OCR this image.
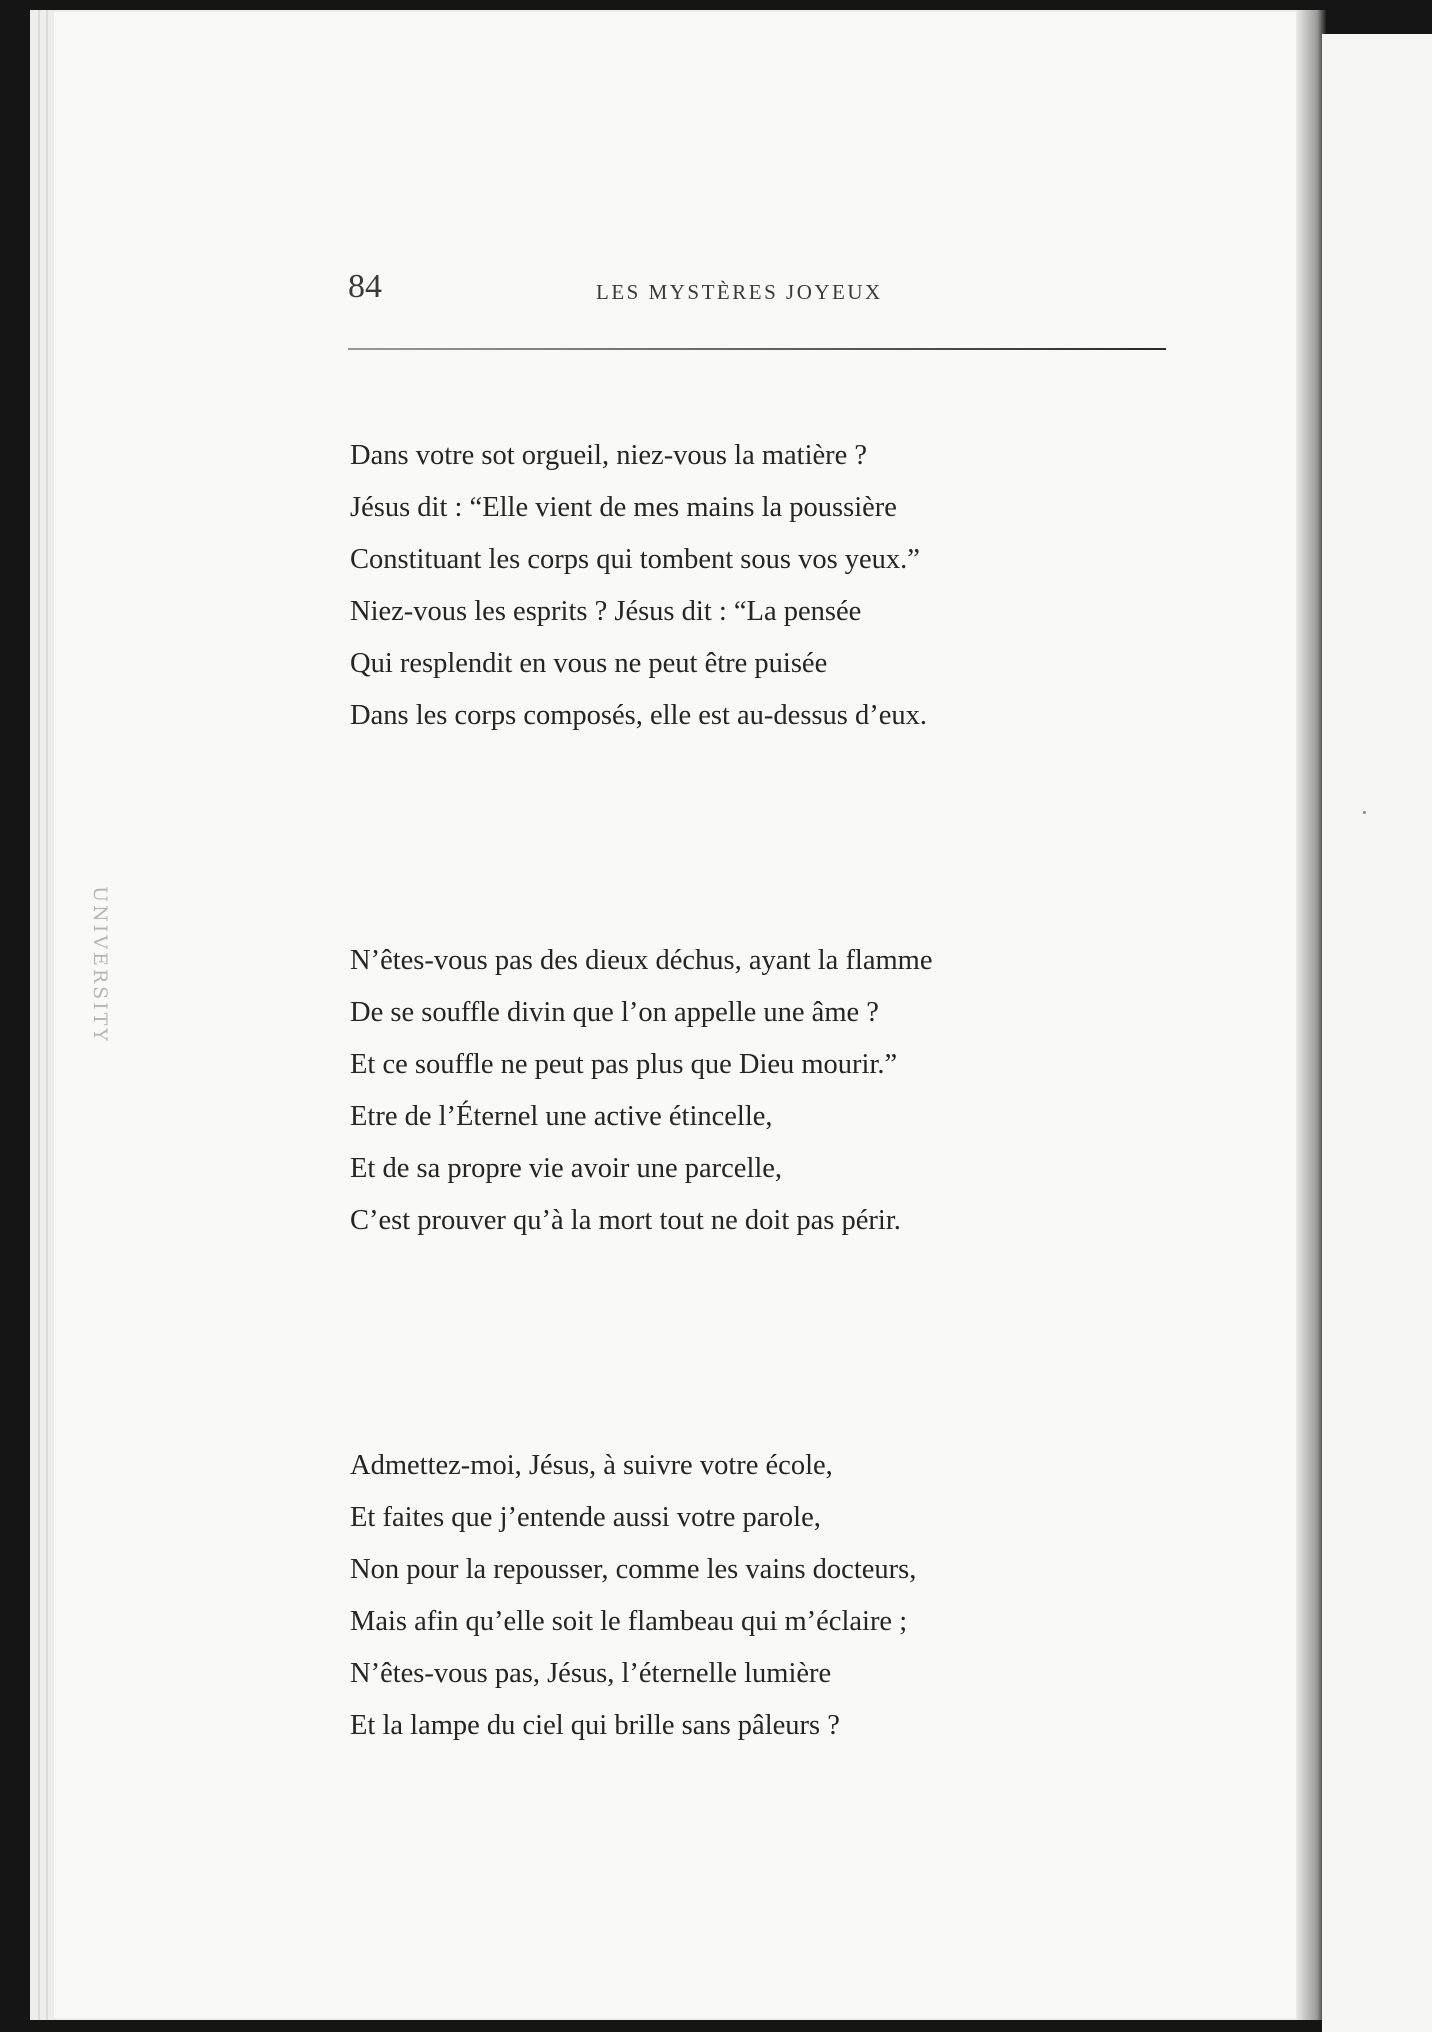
UNIVERSITY
84	LES MYSTÈRES JOYEUX
Dans votre sot orgueil, niez-vous la matière ?
Jésus dit : “Elle vient de mes mains la poussière
Constituant les corps qui tombent sous vos yeux.”
Niez-vous les esprits ? Jésus dit : “La pensée
Qui resplendit en vous ne peut être puisée
Dans les corps composés, elle est au-dessus d’eux.
N’êtes-vous pas des dieux déchus, ayant la flamme
De se souffle divin que l’on appelle une âme ?
Et ce souffle ne peut pas plus que Dieu mourir.”
Etre de l’Éternel une active étincelle,
Et de sa propre vie avoir une parcelle,
C’est prouver qu’à la mort tout ne doit pas périr.
Admettez-moi, Jésus, à suivre votre école,
Et faites que j’entende aussi votre parole,
Non pour la repousser, comme les vains docteurs,
Mais afin qu’elle soit le flambeau qui m’éclaire ;
N’êtes-vous pas, Jésus, l’éternelle lumière
Et la lampe du ciel qui brille sans pâleurs ?
